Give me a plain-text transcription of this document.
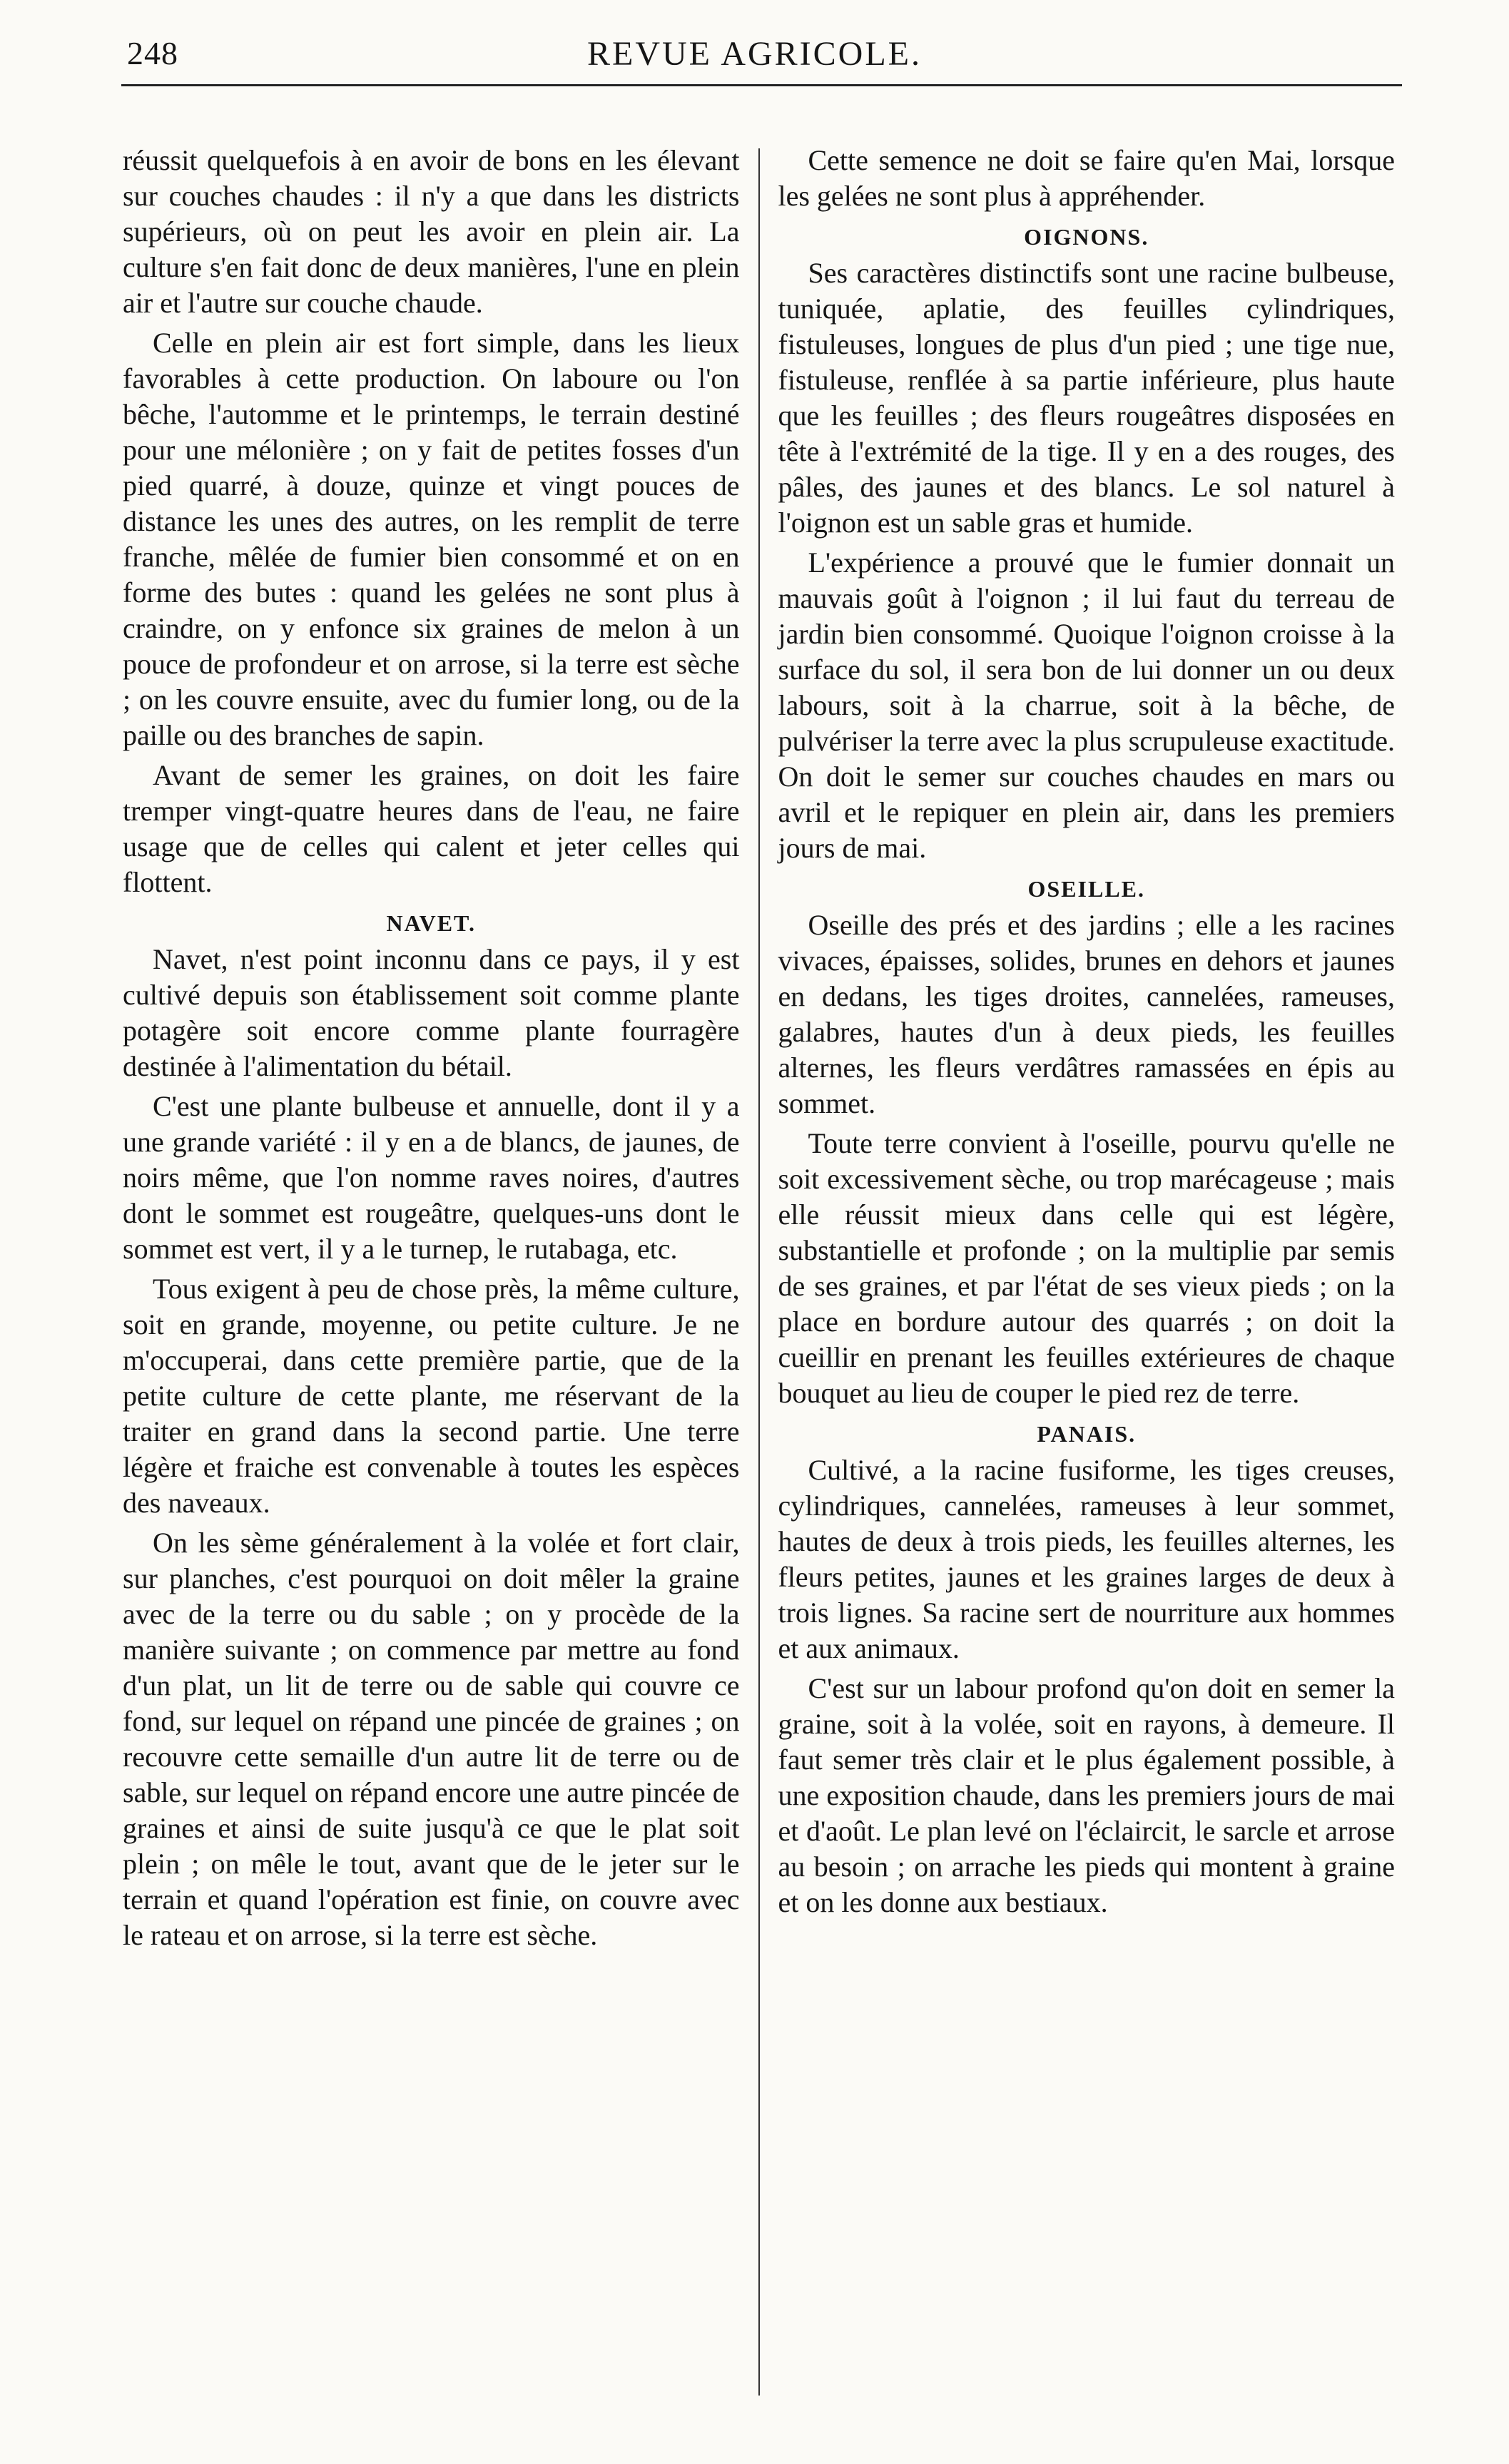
248	REVUE AGRICOLE.

réussit quelquefois à en avoir de bons en les élevant sur couches chaudes : il n'y a que dans les districts supérieurs, où on peut les avoir en plein air. La culture s'en fait donc de deux manières, l'une en plein air et l'autre sur couche chaude.

Celle en plein air est fort simple, dans les lieux favorables à cette production. On laboure ou l'on bêche, l'automme et le printemps, le terrain destiné pour une mélonière ; on y fait de petites fosses d'un pied quarré, à douze, quinze et vingt pouces de distance les unes des autres, on les remplit de terre franche, mêlée de fumier bien consommé et on en forme des butes : quand les gelées ne sont plus à craindre, on y enfonce six graines de melon à un pouce de profondeur et on arrose, si la terre est sèche ; on les couvre ensuite, avec du fumier long, ou de la paille ou des branches de sapin.

Avant de semer les graines, on doit les faire tremper vingt-quatre heures dans de l'eau, ne faire usage que de celles qui calent et jeter celles qui flottent.

NAVET.

Navet, n'est point inconnu dans ce pays, il y est cultivé depuis son établissement soit comme plante potagère soit encore comme plante fourragère destinée à l'alimentation du bétail.

C'est une plante bulbeuse et annuelle, dont il y a une grande variété : il y en a de blancs, de jaunes, de noirs même, que l'on nomme raves noires, d'autres dont le sommet est rougeâtre, quelques-uns dont le sommet est vert, il y a le turnep, le rutabaga, etc.

Tous exigent à peu de chose près, la même culture, soit en grande, moyenne, ou petite culture. Je ne m'occuperai, dans cette première partie, que de la petite culture de cette plante, me réservant de la traiter en grand dans la second partie. Une terre légère et fraiche est convenable à toutes les espèces des naveaux.

On les sème généralement à la volée et fort clair, sur planches, c'est pourquoi on doit mêler la graine avec de la terre ou du sable ; on y procède de la manière suivante ; on commence par mettre au fond d'un plat, un lit de terre ou de sable qui couvre ce fond, sur lequel on répand une pincée de graines ; on recouvre cette semaille d'un autre lit de terre ou de sable, sur lequel on répand encore une autre pincée de graines et ainsi de suite jusqu'à ce que le plat soit plein ; on mêle le tout, avant que de le jeter sur le terrain et quand l'opération est finie, on couvre avec le rateau et on arrose, si la terre est sèche.

Cette semence ne doit se faire qu'en Mai, lorsque les gelées ne sont plus à appréhender.

OIGNONS.

Ses caractères distinctifs sont une racine bulbeuse, tuniquée, aplatie, des feuilles cylindriques, fistuleuses, longues de plus d'un pied ; une tige nue, fistuleuse, renflée à sa partie inférieure, plus haute que les feuilles ; des fleurs rougeâtres disposées en tête à l'extrémité de la tige. Il y en a des rouges, des pâles, des jaunes et des blancs. Le sol naturel à l'oignon est un sable gras et humide.

L'expérience a prouvé que le fumier donnait un mauvais goût à l'oignon ; il lui faut du terreau de jardin bien consommé. Quoique l'oignon croisse à la surface du sol, il sera bon de lui donner un ou deux labours, soit à la charrue, soit à la bêche, de pulvériser la terre avec la plus scrupuleuse exactitude. On doit le semer sur couches chaudes en mars ou avril et le repiquer en plein air, dans les premiers jours de mai.

OSEILLE.

Oseille des prés et des jardins ; elle a les racines vivaces, épaisses, solides, brunes en dehors et jaunes en dedans, les tiges droites, cannelées, rameuses, galabres, hautes d'un à deux pieds, les feuilles alternes, les fleurs verdâtres ramassées en épis au sommet.

Toute terre convient à l'oseille, pourvu qu'elle ne soit excessivement sèche, ou trop marécageuse ; mais elle réussit mieux dans celle qui est légère, substantielle et profonde ; on la multiplie par semis de ses graines, et par l'état de ses vieux pieds ; on la place en bordure autour des quarrés ; on doit la cueillir en prenant les feuilles extérieures de chaque bouquet au lieu de couper le pied rez de terre.

PANAIS.

Cultivé, a la racine fusiforme, les tiges creuses, cylindriques, cannelées, rameuses à leur sommet, hautes de deux à trois pieds, les feuilles alternes, les fleurs petites, jaunes et les graines larges de deux à trois lignes. Sa racine sert de nourriture aux hommes et aux animaux.

C'est sur un labour profond qu'on doit en semer la graine, soit à la volée, soit en rayons, à demeure. Il faut semer très clair et le plus également possible, à une exposition chaude, dans les premiers jours de mai et d'août. Le plan levé on l'éclaircit, le sarcle et arrose au besoin ; on arrache les pieds qui montent à graine et on les donne aux bestiaux.
